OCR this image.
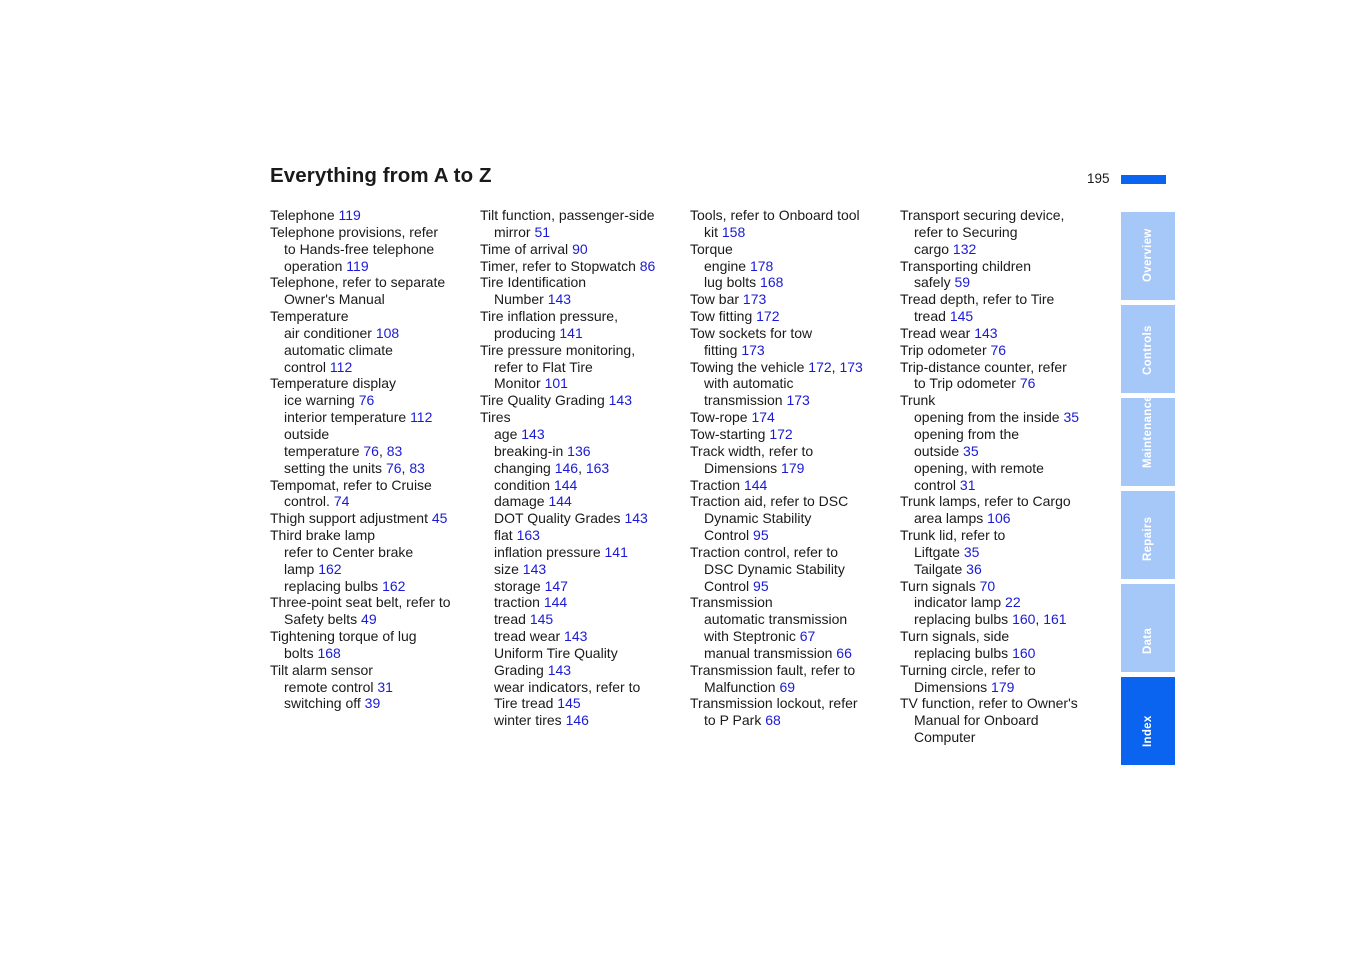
Everything from A to Z	195
Telephone 119
Telephone provisions, refer
to Hands-free telephone
operation 119
Telephone, refer to separate
Owner's Manual
Temperature
air conditioner 108
automatic climate
control 112
Temperature display
ice warning 76
interior temperature 112
outside
temperature 76, 83
setting the units 76, 83
Tempomat, refer to Cruise
control. 74
Thigh support adjustment 45
Third brake lamp
refer to Center brake
lamp 162
replacing bulbs 162
Three-point seat belt, refer to
Safety belts 49
Tightening torque of lug
bolts 168
Tilt alarm sensor
remote control 31
switching off 39
Tilt function, passenger-side
mirror 51
Time of arrival 90
Timer, refer to Stopwatch 86
Tire Identification
Number 143
Tire inflation pressure,
producing 141
Tire pressure monitoring,
refer to Flat Tire
Monitor 101
Tire Quality Grading 143
Tires
age 143
breaking-in 136
changing 146, 163
condition 144
damage 144
DOT Quality Grades 143
flat 163
inflation pressure 141
size 143
storage 147
traction 144
tread 145
tread wear 143
Uniform Tire Quality
Grading 143
wear indicators, refer to
Tire tread 145
winter tires 146
Tools, refer to Onboard tool
kit 158
Torque
engine 178
lug bolts 168
Tow bar 173
Tow fitting 172
Tow sockets for tow
fitting 173
Towing the vehicle 172, 173
with automatic
transmission 173
Tow-rope 174
Tow-starting 172
Track width, refer to
Dimensions 179
Traction 144
Traction aid, refer to DSC
Dynamic Stability
Control 95
Traction control, refer to
DSC Dynamic Stability
Control 95
Transmission
automatic transmission
with Steptronic 67
manual transmission 66
Transmission fault, refer to
Malfunction 69
Transmission lockout, refer
to P Park 68
Transport securing device,
refer to Securing
cargo 132
Transporting children
safely 59
Tread depth, refer to Tire
tread 145
Tread wear 143
Trip odometer 76
Trip-distance counter, refer
to Trip odometer 76
Trunk
opening from the inside 35
opening from the
outside 35
opening, with remote
control 31
Trunk lamps, refer to Cargo
area lamps 106
Trunk lid, refer to
Liftgate 35
Tailgate 36
Turn signals 70
indicator lamp 22
replacing bulbs 160, 161
Turn signals, side
replacing bulbs 160
Turning circle, refer to
Dimensions 179
TV function, refer to Owner's
Manual for Onboard
Computer
Overview
Controls
Maintenance
Repairs
Data
Index
